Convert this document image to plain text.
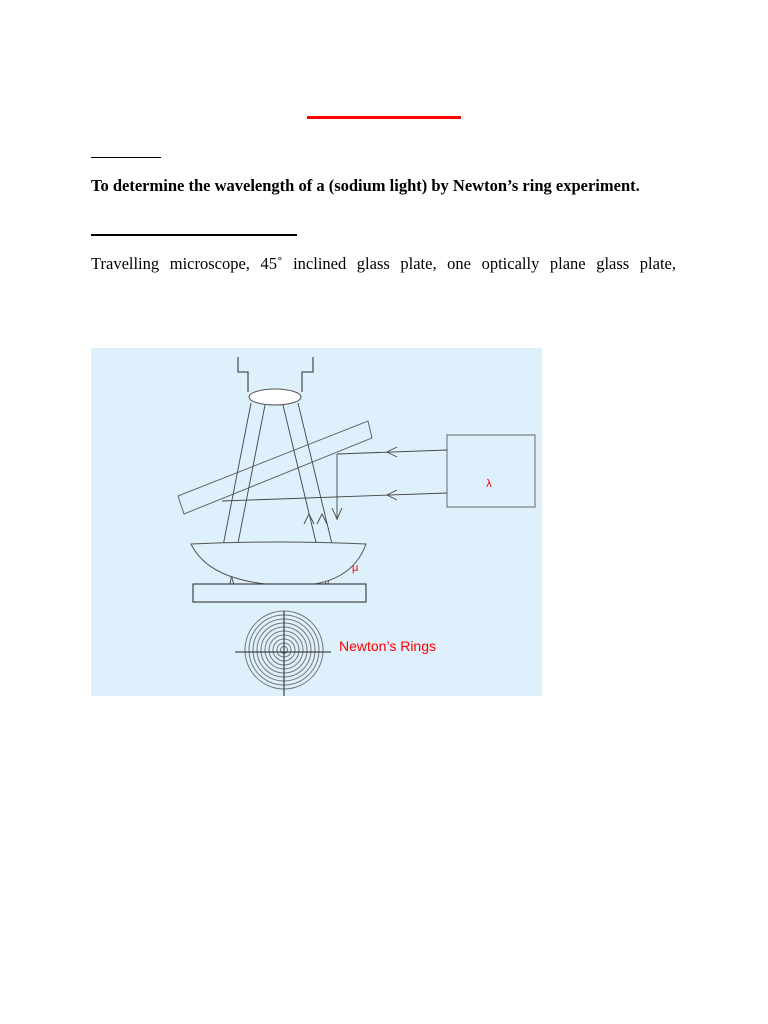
To determine the wavelength of a (sodium light) by Newton’s ring experiment.
Travelling microscope, 45˚ inclined glass plate, one optically plane glass plate,
λ
μ
Newton’s Rings
